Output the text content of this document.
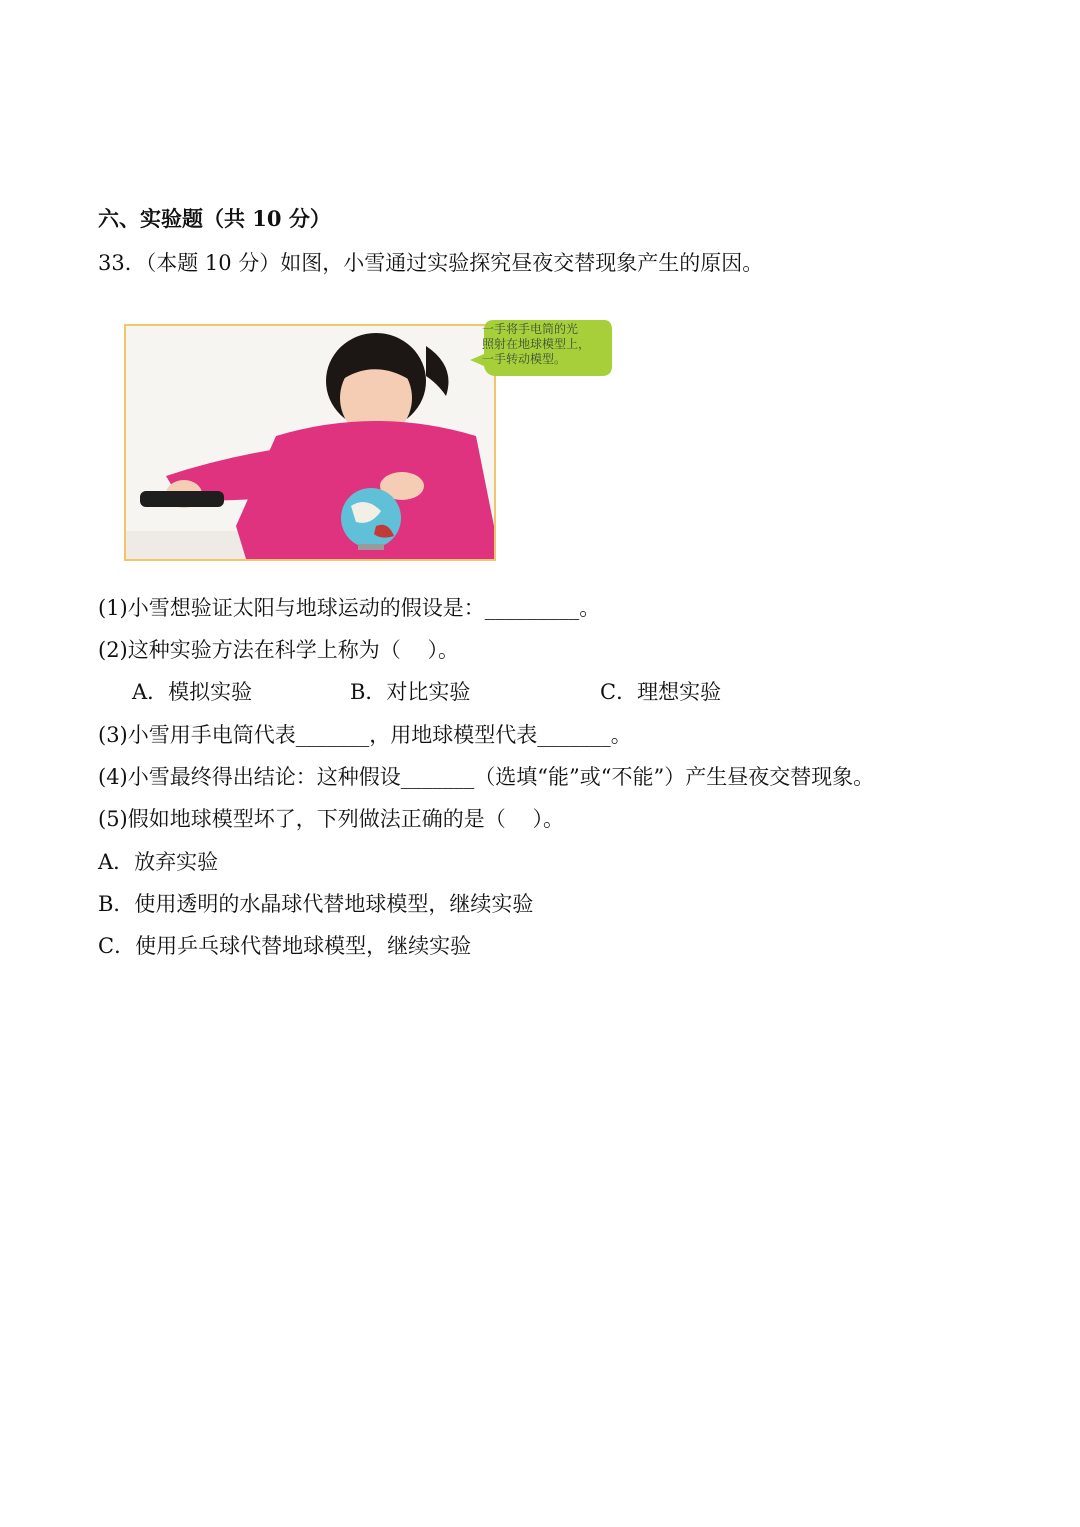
六、实验题（共 10 分）
33．（本题 10 分）如图，小雪通过实验探究昼夜交替现象产生的原因。
一手将手电筒的光
照射在地球模型上，
一手转动模型。
(1)小雪想验证太阳与地球运动的假设是：_________。
(2)这种实验方法在科学上称为（    ）。
A．模拟实验	B．对比实验	C．理想实验
(3)小雪用手电筒代表_______，用地球模型代表_______。
(4)小雪最终得出结论：这种假设_______（选填“能”或“不能”）产生昼夜交替现象。
(5)假如地球模型坏了，下列做法正确的是（    ）。
A．放弃实验
B．使用透明的水晶球代替地球模型，继续实验
C．使用乒乓球代替地球模型，继续实验
